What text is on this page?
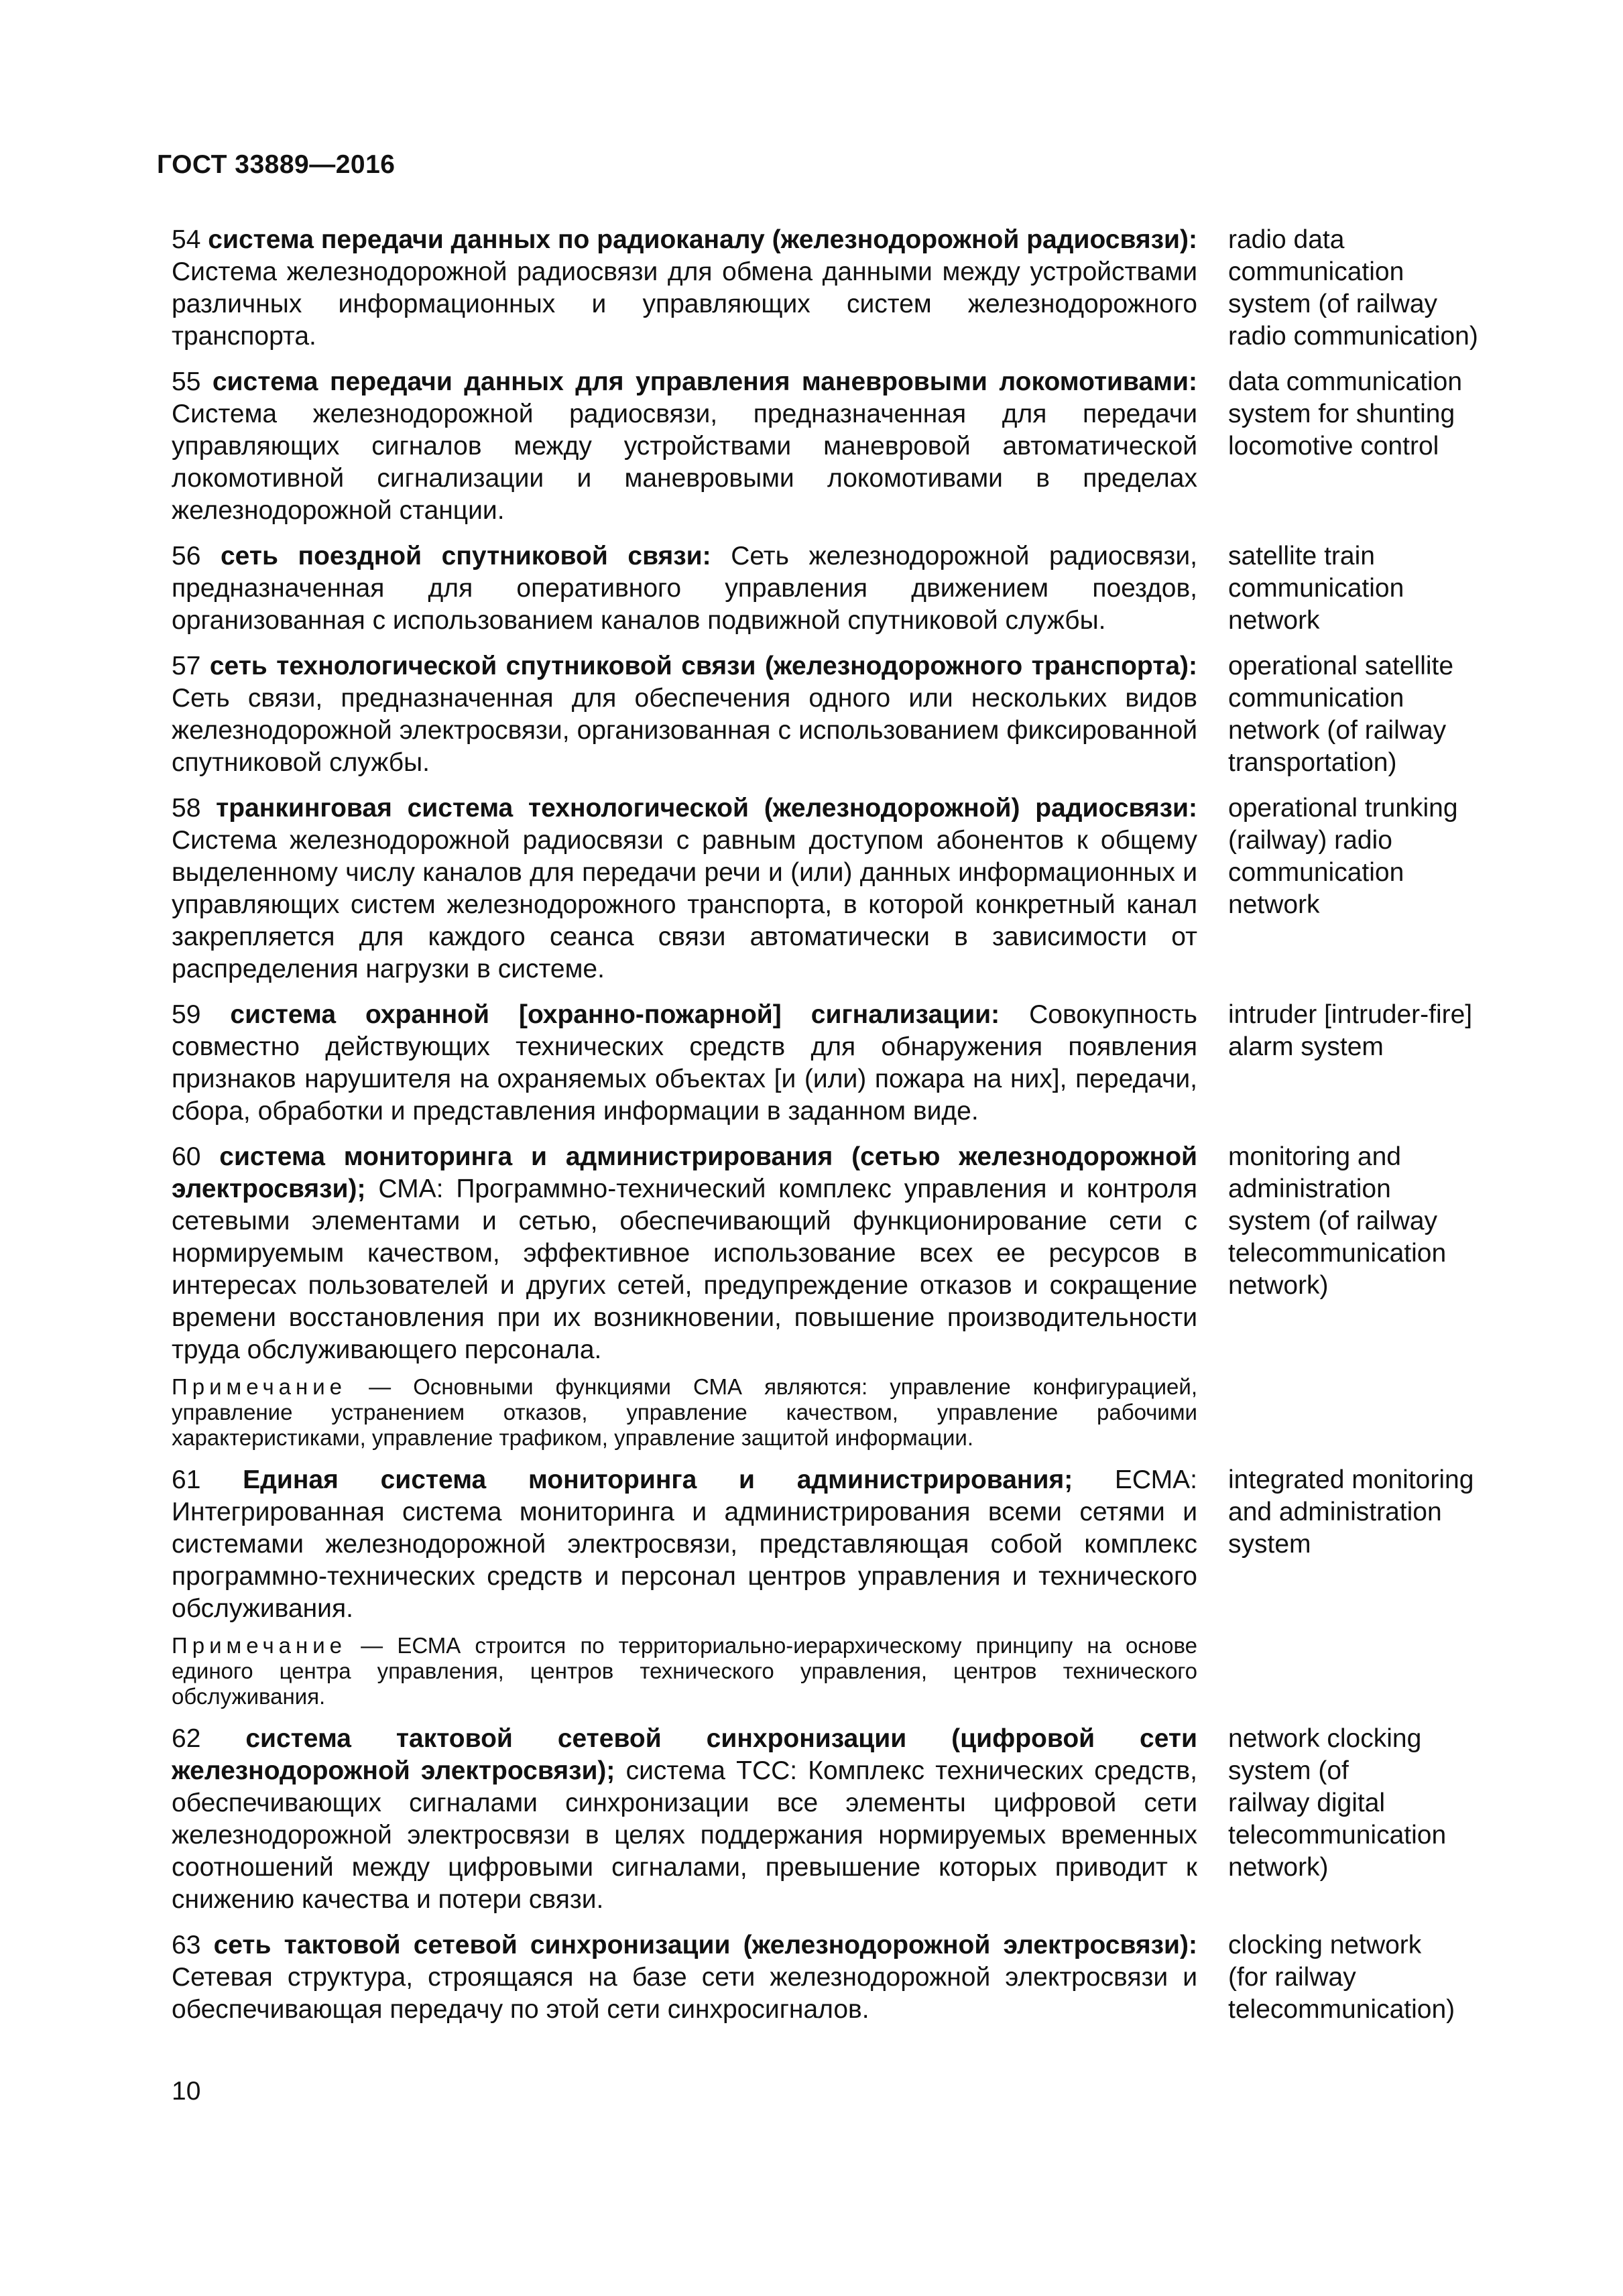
ГОСТ 33889—2016
54 система передачи данных по радиоканалу (железнодорожной радиосвязи): Система железнодорожной радиосвязи для обмена данными между устройствами различных информационных и управляющих систем железнодорожного транспорта.
radio data
communication
system (of railway
radio communication)
55 система передачи данных для управления маневровыми локомотивами: Система железнодорожной радиосвязи, предназначенная для передачи управляющих сигналов между устройствами маневровой автоматической локомотивной сигнализации и маневровыми локомотивами в пределах железнодорожной станции.
data communication
system for shunting
locomotive control
56 сеть поездной спутниковой связи: Сеть железнодорожной радиосвязи, предназначенная для оперативного управления движением поездов, организованная с использованием каналов подвижной спутниковой службы.
satellite train
communication
network
57 сеть технологической спутниковой связи (железнодорожного транспорта): Сеть связи, предназначенная для обеспечения одного или нескольких видов железнодорожной электросвязи, организованная с использованием фиксированной спутниковой службы.
operational satellite
communication
network (of railway
transportation)
58 транкинговая система технологической (железнодорожной) радиосвязи: Система железнодорожной радиосвязи с равным доступом абонентов к общему выделенному числу каналов для передачи речи и (или) данных информационных и управляющих систем железнодорожного транспорта, в которой конкретный канал закрепляется для каждого сеанса связи автоматически в зависимости от распределения нагрузки в системе.
operational trunking
(railway) radio
communication
network
59 система охранной [охранно-пожарной] сигнализации: Совокупность совместно действующих технических средств для обнаружения появления признаков нарушителя на охраняемых объектах [и (или) пожара на них], передачи, сбора, обработки и представления информации в заданном виде.
intruder [intruder-fire]
alarm system
60 система мониторинга и администрирования (сетью железнодорожной электросвязи); СМА: Программно-технический комплекс управления и контроля сетевыми элементами и сетью, обеспечивающий функционирование сети с нормируемым качеством, эффективное использование всех ее ресурсов в интересах пользователей и других сетей, предупреждение отказов и сокращение времени восстановления при их возникновении, повышение производительности труда обслуживающего персонала.
monitoring and
administration
system (of railway
telecommunication
network)
Примечание — Основными функциями СМА являются: управление конфигурацией, управление устранением отказов, управление качеством, управление рабочими характеристиками, управление трафиком, управление защитой информации.
61 Единая система мониторинга и администрирования; ЕСМА: Интегрированная система мониторинга и администрирования всеми сетями и системами железнодорожной электросвязи, представляющая собой комплекс программно-технических средств и персонал центров управления и технического обслуживания.
integrated monitoring
and administration
system
Примечание — ЕСМА строится по территориально-иерархическому принципу на основе единого центра управления, центров технического управления, центров технического обслуживания.
62 система тактовой сетевой синхронизации (цифровой сети железнодорожной электросвязи); система ТСС: Комплекс технических средств, обеспечивающих сигналами синхронизации все элементы цифровой сети железнодорожной электросвязи в целях поддержания нормируемых временных соотношений между цифровыми сигналами, превышение которых приводит к снижению качества и потери связи.
network clocking
system (of
railway digital
telecommunication
network)
63 сеть тактовой сетевой синхронизации (железнодорожной электросвязи): Сетевая структура, строящаяся на базе сети железнодорожной электросвязи и обеспечивающая передачу по этой сети синхросигналов.
clocking network
(for railway
telecommunication)
10
